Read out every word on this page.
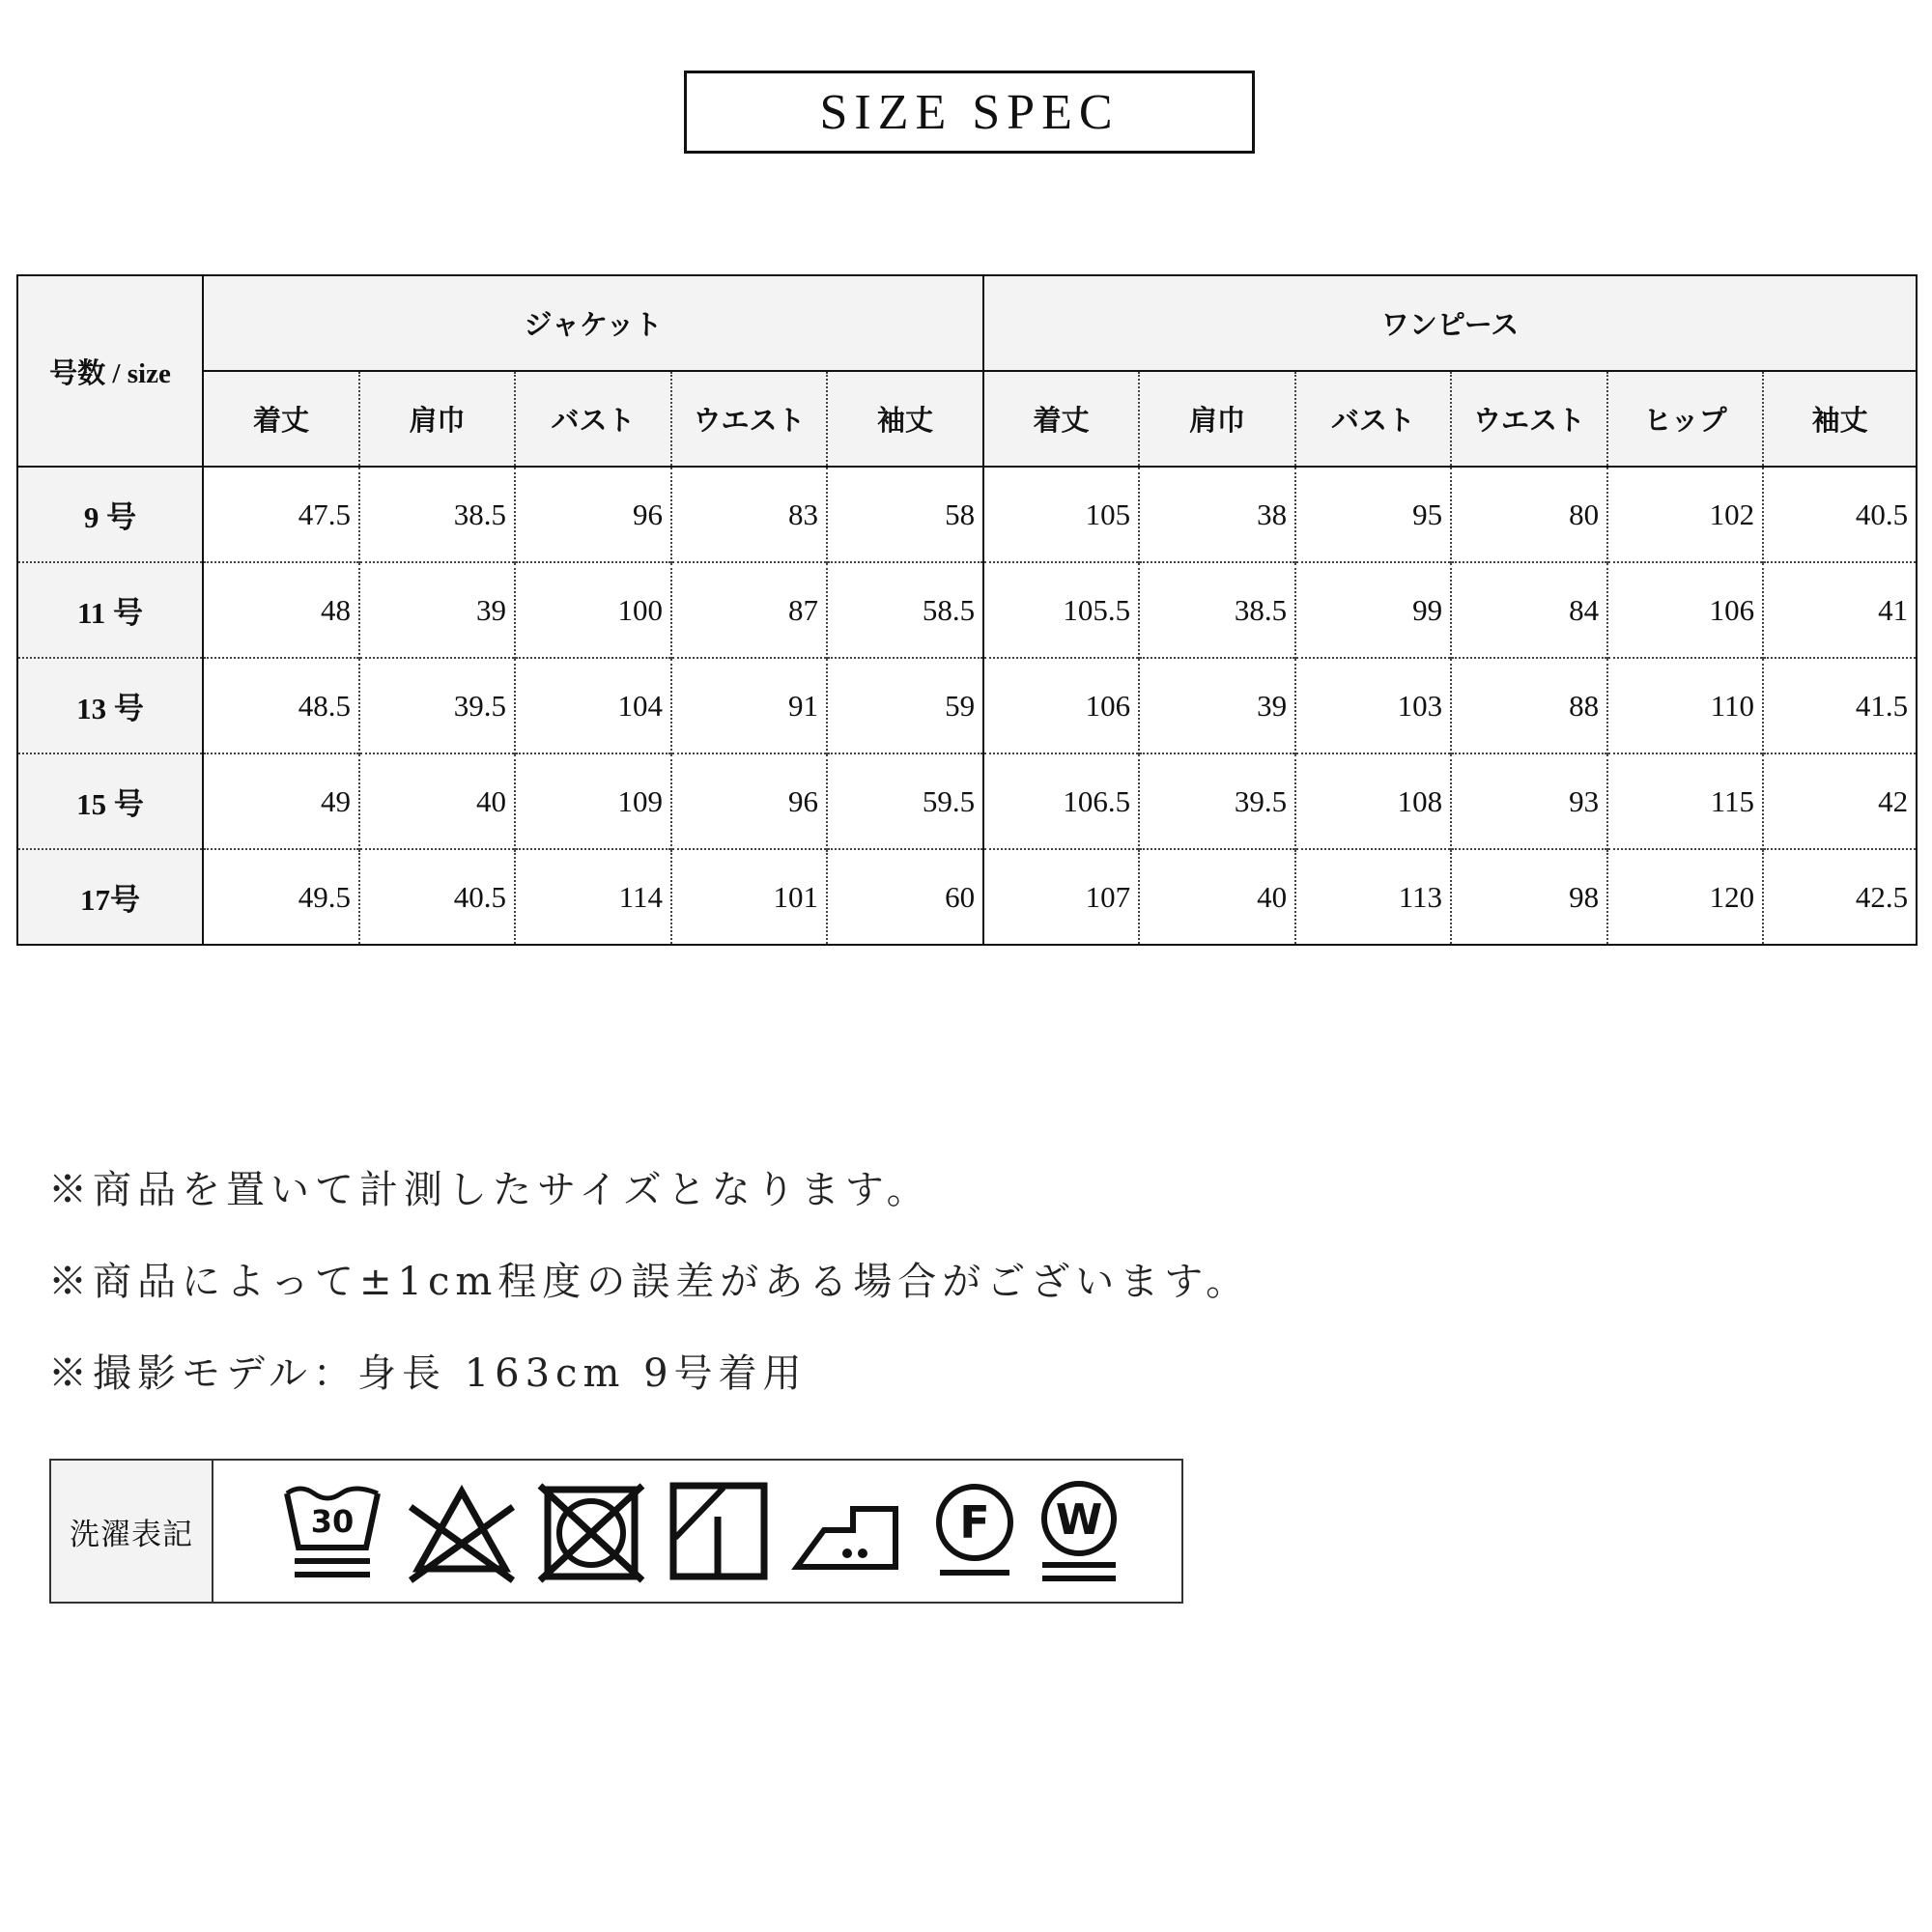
SIZE SPEC
号数 / size	ジャケット					ワンピース					
	着丈	肩巾	バスト	ウエスト	袖丈	着丈	肩巾	バスト	ウエスト	ヒップ	袖丈
9 号	47.5	38.5	96	83	58	105	38	95	80	102	40.5
11 号	48	39	100	87	58.5	105.5	38.5	99	84	106	41
13 号	48.5	39.5	104	91	59	106	39	103	88	110	41.5
15 号	49	40	109	96	59.5	106.5	39.5	108	93	115	42
17号	49.5	40.5	114	101	60	107	40	113	98	120	42.5
※商品を置いて計測したサイズとなります。
※商品によって±1cm程度の誤差がある場合がございます。
※撮影モデル：身長 163cm 9号着用
洗濯表記	30	F W
